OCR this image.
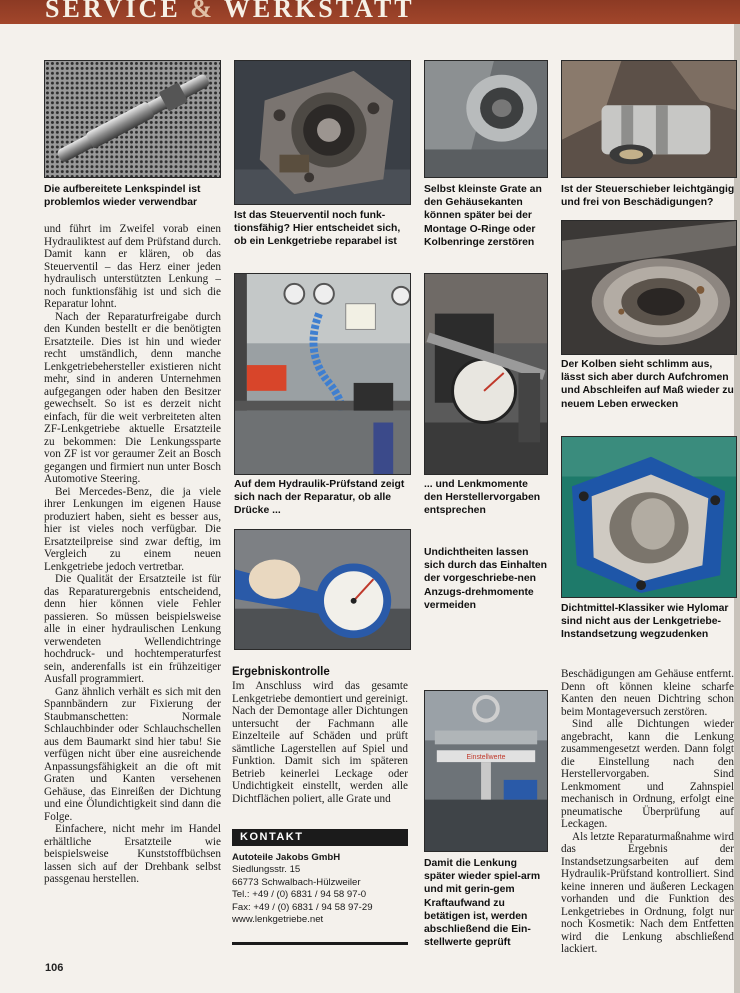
SERVICE & WERKSTATT
Die aufbereitete Lenkspindel ist problemlos wieder verwendbar
Ist das Steuerventil noch funk-tionsfähig? Hier entscheidet sich, ob ein Lenkgetriebe reparabel ist
Selbst kleinste Grate an den Gehäusekanten können später bei der Montage O-Ringe oder Kolbenringe zerstören
Ist der Steuerschieber leichtgängig und frei von Beschädigungen?
Der Kolben sieht schlimm aus, lässt sich aber durch Aufchromen und Abschleifen auf Maß wieder zu neuem Leben erwecken
Auf dem Hydraulik-Prüfstand zeigt sich nach der Reparatur, ob alle Drücke ...
... und Lenkmomente den Herstellervorgaben entsprechen
Dichtmittel-Klassiker wie Hylomar sind nicht aus der Lenkgetriebe-Instandsetzung wegzudenken
Undichtheiten lassen sich durch das Einhalten der vorgeschriebe-nen Anzugs-drehmomente vermeiden
Einstellwerte
Damit die Lenkung später wieder spiel-arm und mit gerin-gem Kraftaufwand zu betätigen ist, werden abschließend die Ein-stellwerte geprüft

und führt im Zweifel vorab einen Hydrauliktest auf dem Prüfstand durch. Damit kann er klären, ob das Steuerventil – das Herz einer jeden hydraulisch unterstützten Lenkung – noch funktionsfähig ist und sich die Reparatur lohnt.

Nach der Reparaturfreigabe durch den Kunden bestellt er die benötigten Ersatzteile. Dies ist hin und wieder recht umständlich, denn manche Lenkgetriebehersteller existieren nicht mehr, sind in anderen Unternehmen aufgegangen oder haben den Besitzer gewechselt. So ist es derzeit nicht einfach, für die weit verbreiteten alten ZF-Lenkgetriebe aktuelle Ersatzteile zu bekommen: Die Lenkungssparte von ZF ist vor geraumer Zeit an Bosch gegangen und firmiert nun unter Bosch Automotive Steering.

Bei Mercedes-Benz, die ja viele ihrer Lenkungen im eigenen Hause produziert haben, sieht es besser aus, hier ist vieles noch verfügbar. Die Ersatzteilpreise sind zwar deftig, im Vergleich zu einem neuen Lenkgetriebe jedoch vertretbar.

Die Qualität der Ersatzteile ist für das Reparaturergebnis entscheidend, denn hier können viele Fehler passieren. So müssen beispielsweise alle in einer hydraulischen Lenkung verwendeten Wellendichtringe hochdruck- und hochtemperaturfest sein, anderenfalls ist ein frühzeitiger Ausfall programmiert.

Ganz ähnlich verhält es sich mit den Spannbändern zur Fixierung der Staubmanschetten: Normale Schlauchbinder oder Schlauchschellen aus dem Baumarkt sind hier tabu! Sie verfügen nicht über eine ausreichende Anpassungsfähigkeit an die oft mit Graten und Kanten versehenen Gehäuse, das Einreißen der Dichtung und eine Ölundichtigkeit sind dann die Folge.

Einfachere, nicht mehr im Handel erhältliche Ersatzteile wie beispielsweise Kunststoffbüchsen lassen sich auf der Drehbank selbst passgenau herstellen.

Ergebniskontrolle

Im Anschluss wird das gesamte Lenkgetriebe demontiert und gereinigt. Nach der Demontage aller Dichtungen untersucht der Fachmann alle Einzelteile auf Schäden und prüft sämtliche Lagerstellen auf Spiel und Funktion. Damit sich im späteren Betrieb keinerlei Leckage oder Undichtigkeit einstellt, werden alle Dichtflächen poliert, alle Grate und

KONTAKT
Autoteile Jakobs GmbH
Siedlungsstr. 15
66773 Schwalbach-Hülzweiler
Tel.: +49 / (0) 6831 / 94 58 97-0
Fax: +49 / (0) 6831 / 94 58 97-29
www.lenkgetriebe.net

Beschädigungen am Gehäuse entfernt. Denn oft können kleine scharfe Kanten den neuen Dichtring schon beim Montageversuch zerstören.

Sind alle Dichtungen wieder angebracht, kann die Lenkung zusammengesetzt werden. Dann folgt die Einstellung nach den Herstellervorgaben. Sind Lenkmoment und Zahnspiel mechanisch in Ordnung, erfolgt eine pneumatische Überprüfung auf Leckagen.

Als letzte Reparaturmaßnahme wird das Ergebnis der Instandsetzungsarbeiten auf dem Hydraulik-Prüfstand kontrolliert. Sind keine inneren und äußeren Leckagen vorhanden und die Funktion des Lenkgetriebes in Ordnung, folgt nur noch Kosmetik: Nach dem Entfetten wird die Lenkung abschließend lackiert.

106
